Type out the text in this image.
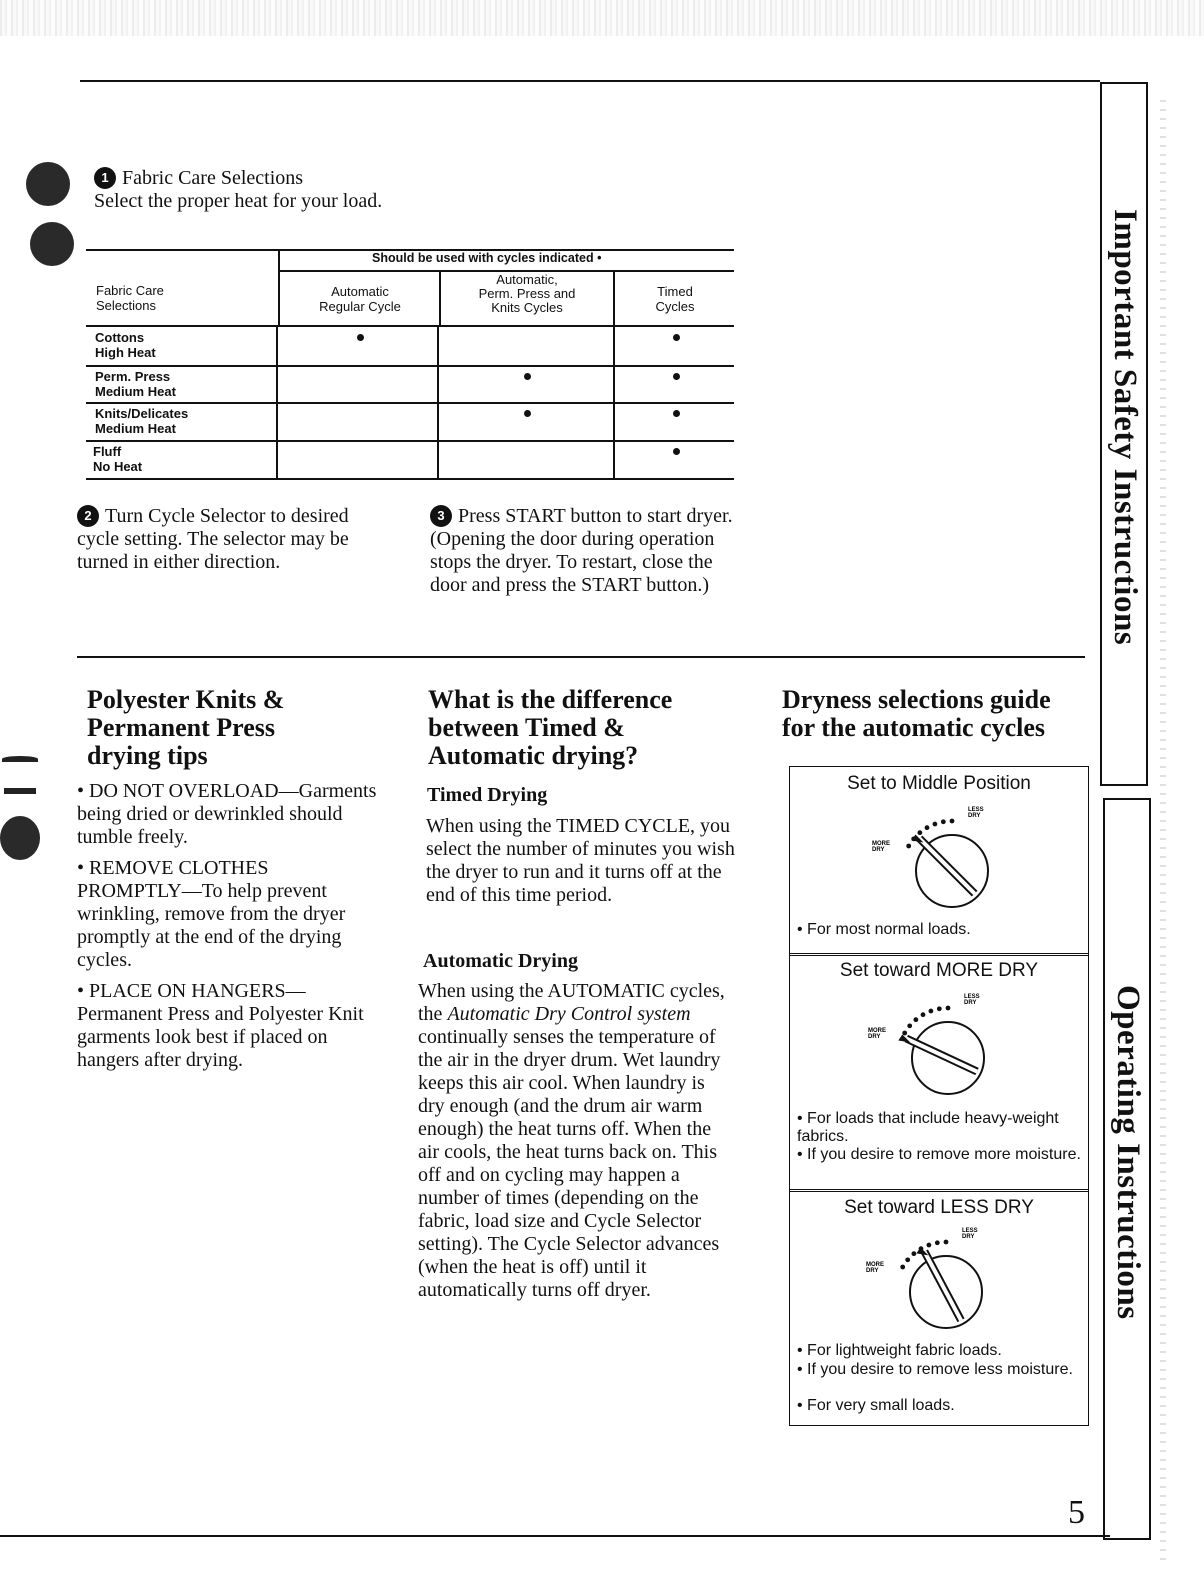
1 Fabric Care Selections
Select the proper heat for your load.
Should be used with cycles indicated •
Fabric Care
Selections
Automatic
Regular Cycle
Automatic,
Perm. Press and
Knits Cycles
Timed
Cycles
Cottons
High Heat
Perm. Press
Medium Heat
Knits/Delicates
Medium Heat
Fluff
No Heat
2 Turn Cycle Selector to desired cycle setting. The selector may be turned in either direction.
3 Press START button to start dryer. (Opening the door during operation stops the dryer. To restart, close the door and press the START button.)
Polyester Knits &
Permanent Press
drying tips
• DO NOT OVERLOAD—Garments being dried or dewrinkled should tumble freely.
• REMOVE CLOTHES PROMPTLY—To help prevent wrinkling, remove from the dryer promptly at the end of the drying cycles.
• PLACE ON HANGERS—Permanent Press and Polyester Knit garments look best if placed on hangers after drying.
What is the difference
between Timed &
Automatic drying?
Timed Drying
When using the TIMED CYCLE, you select the number of minutes you wish the dryer to run and it turns off at the end of this time period.
Automatic Drying
When using the AUTOMATIC cycles, the Automatic Dry Control system continually senses the temperature of the air in the dryer drum. Wet laundry keeps this air cool. When laundry is dry enough (and the drum air warm enough) the heat turns off. When the air cools, the heat turns back on. This off and on cycling may happen a number of times (depending on the fabric, load size and Cycle Selector setting). The Cycle Selector advances (when the heat is off) until it automatically turns off dryer.
Dryness selections guide
for the automatic cycles
Set to Middle Position
LESS DRY
MORE DRY
• For most normal loads.
Set toward MORE DRY
LESS DRY
MORE DRY
• For loads that include heavy-weight fabrics.
• If you desire to remove more moisture.
Set toward LESS DRY
LESS DRY
MORE DRY
• For lightweight fabric loads.
• If you desire to remove less moisture.
• For very small loads.
Important Safety Instructions
Operating Instructions
5
